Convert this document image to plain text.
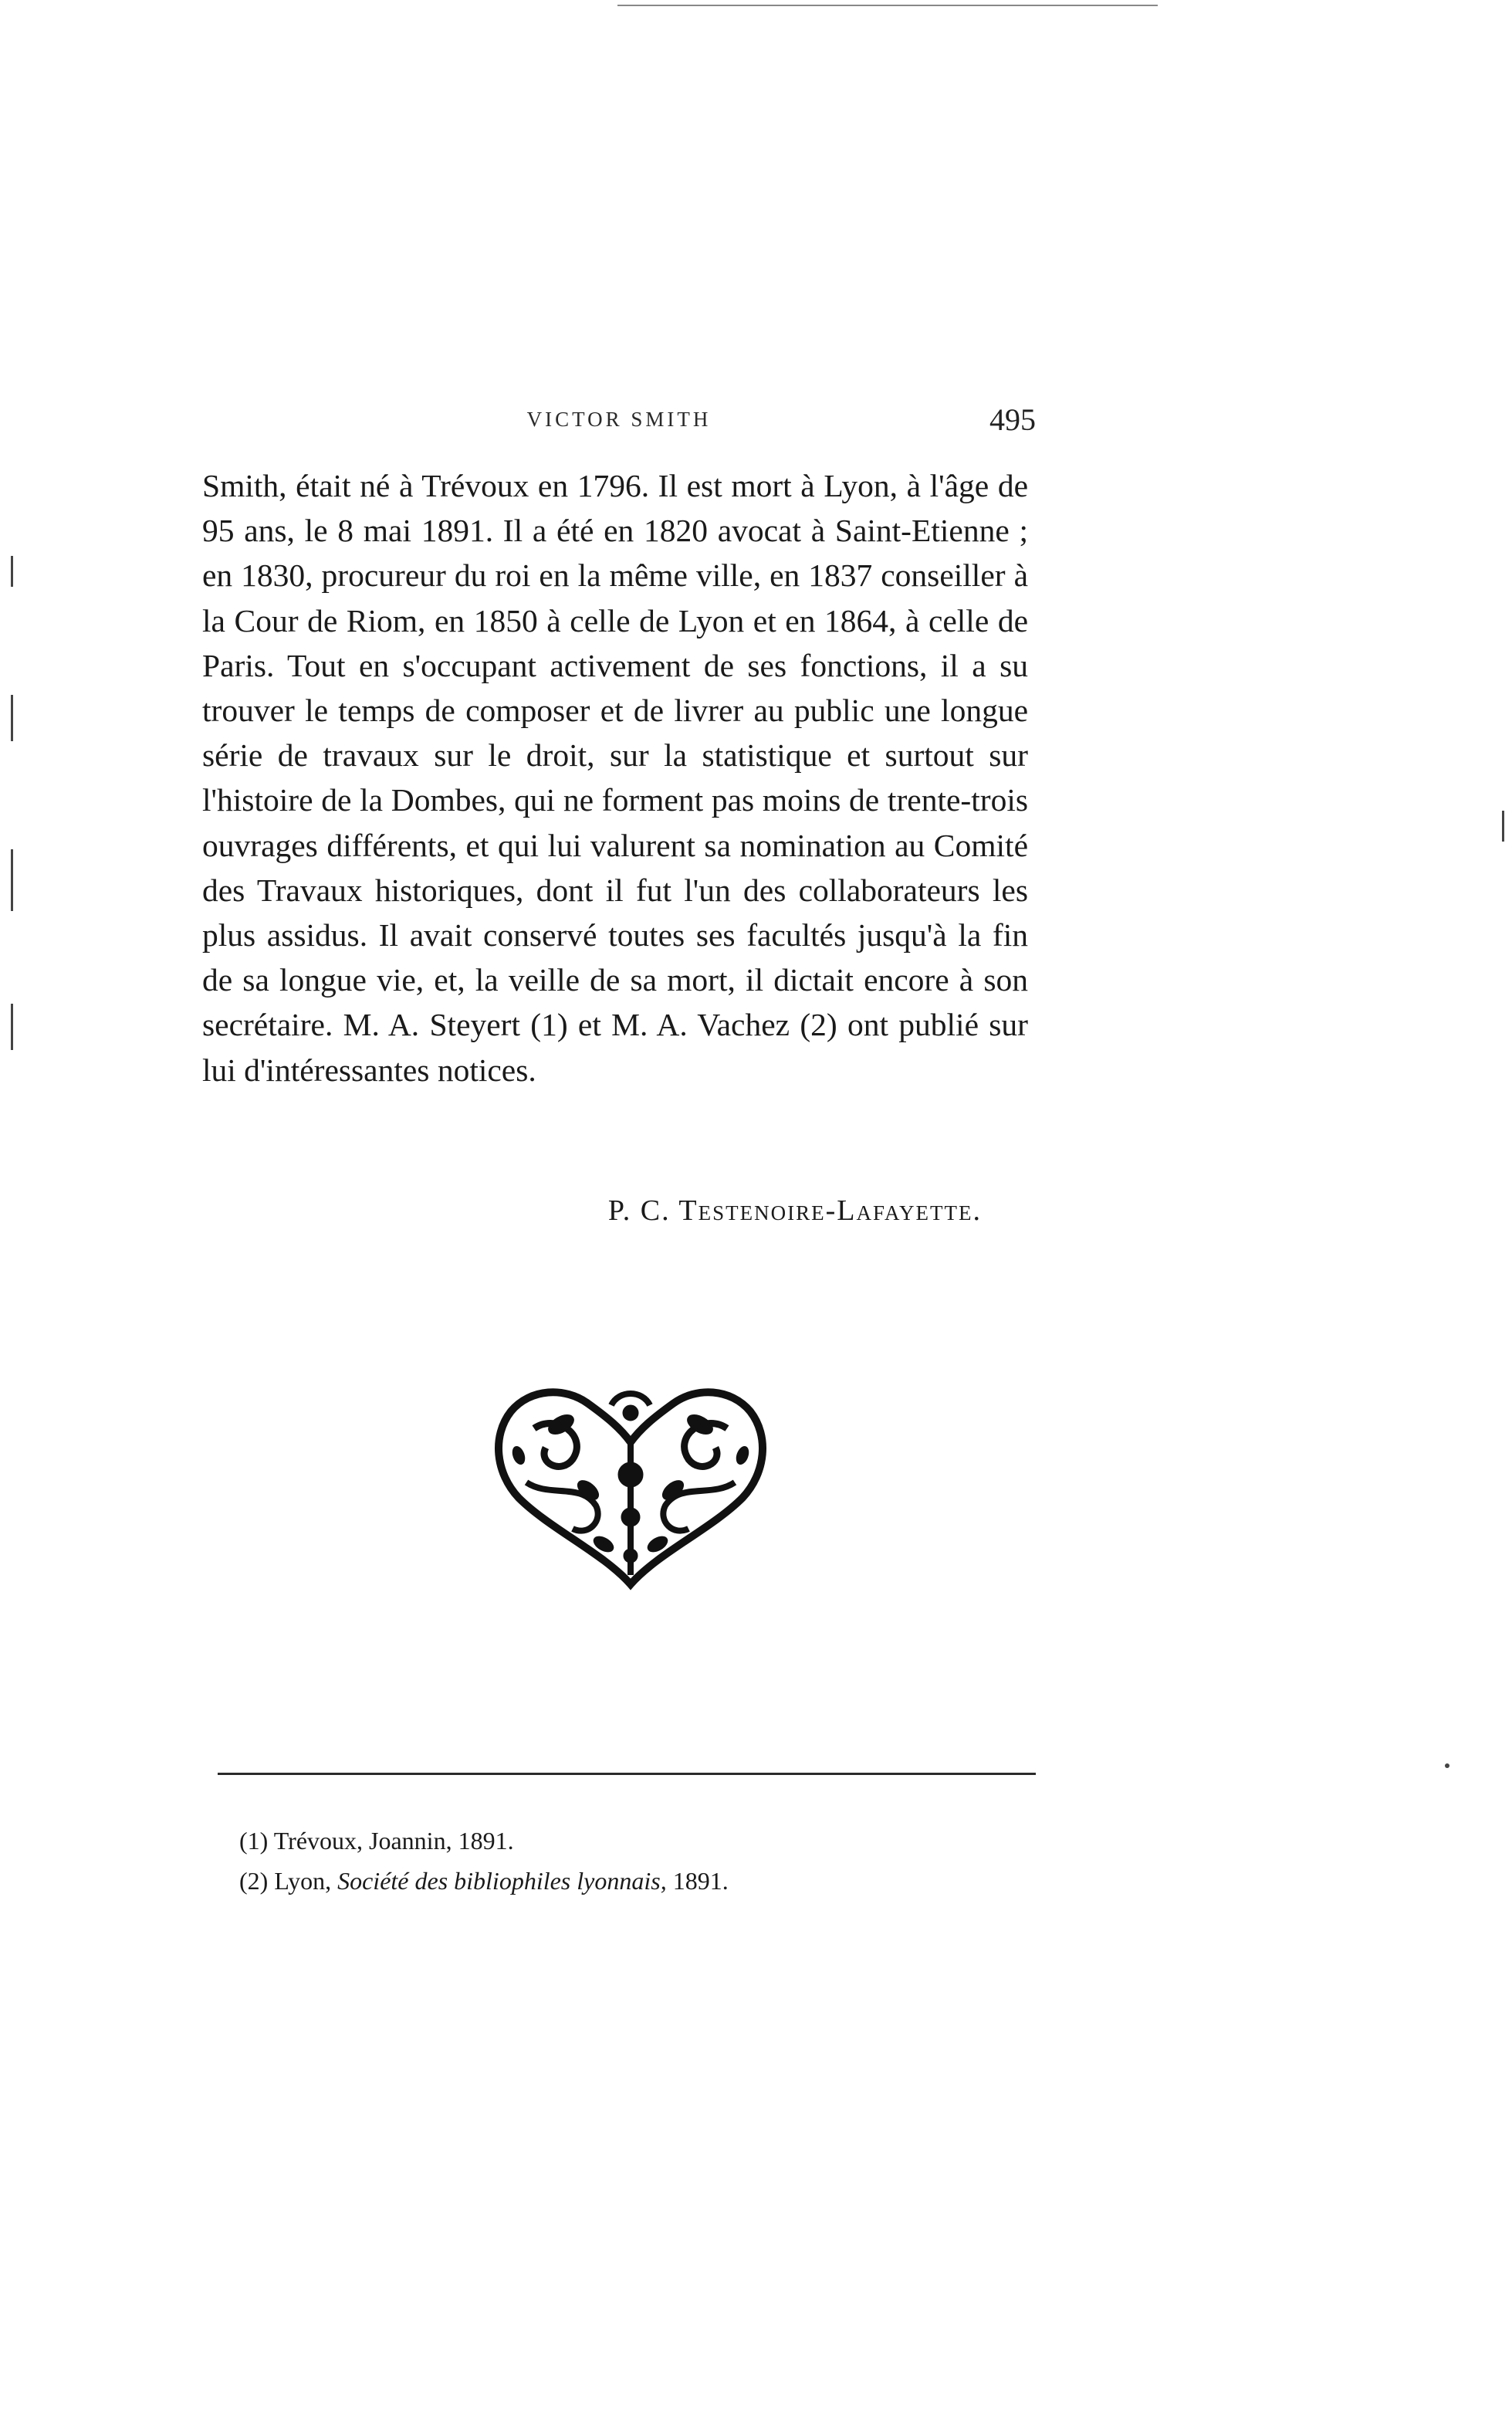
VICTOR SMITH	495

Smith, était né à Trévoux en 1796. Il est mort à Lyon, à l'âge de 95 ans, le 8 mai 1891. Il a été en 1820 avocat à Saint-Etienne ; en 1830, procureur du roi en la même ville, en 1837 conseiller à la Cour de Riom, en 1850 à celle de Lyon et en 1864, à celle de Paris. Tout en s'occupant activement de ses fonctions, il a su trouver le temps de composer et de livrer au public une longue série de travaux sur le droit, sur la statistique et surtout sur l'histoire de la Dombes, qui ne forment pas moins de trente-trois ouvrages différents, et qui lui valurent sa nomination au Comité des Travaux historiques, dont il fut l'un des collaborateurs les plus assidus. Il avait conservé toutes ses facultés jusqu'à la fin de sa longue vie, et, la veille de sa mort, il dictait encore à son secrétaire. M. A. Steyert (1) et M. A. Vachez (2) ont publié sur lui d'intéressantes notices.

P. C. Testenoire-Lafayette.
(1) Trévoux, Joannin, 1891.
(2) Lyon, Société des bibliophiles lyonnais, 1891.
